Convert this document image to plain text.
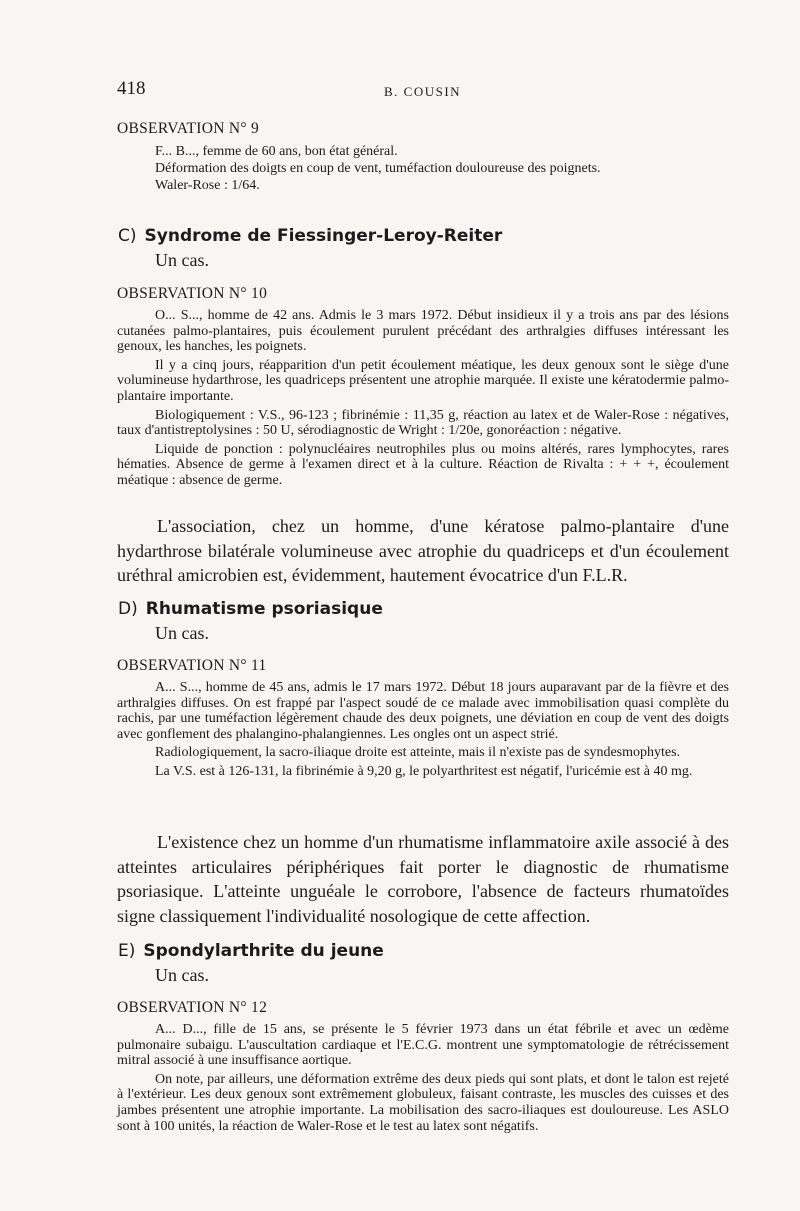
418	B. COUSIN
OBSERVATION N° 9
F... B..., femme de 60 ans, bon état général.
Déformation des doigts en coup de vent, tuméfaction douloureuse des poignets.
Waler-Rose : 1/64.
C) Syndrome de Fiessinger-Leroy-Reiter
Un cas.
OBSERVATION N° 10

O... S..., homme de 42 ans. Admis le 3 mars 1972. Début insidieux il y a trois ans par des lésions cutanées palmo-plantaires, puis écoulement purulent précédant des arthralgies diffuses intéressant les genoux, les hanches, les poignets.

Il y a cinq jours, réapparition d'un petit écoulement méatique, les deux genoux sont le siège d'une volumineuse hydarthrose, les quadriceps présentent une atrophie marquée. Il existe une kératodermie palmo-plantaire importante.

Biologiquement : V.S., 96-123 ; fibrinémie : 11,35 g, réaction au latex et de Waler-Rose : négatives, taux d'antistreptolysines : 50 U, sérodiagnostic de Wright : 1/20e, gonoréaction : négative.

Liquide de ponction : polynucléaires neutrophiles plus ou moins altérés, rares lymphocytes, rares hématies. Absence de germe à l'examen direct et à la culture. Réaction de Rivalta : + + +, écoulement méatique : absence de germe.

L'association, chez un homme, d'une kératose palmo-plantaire d'une hydarthrose bilatérale volumineuse avec atrophie du quadriceps et d'un écoulement uréthral amicrobien est, évidemment, hautement évocatrice d'un F.L.R.

D) Rhumatisme psoriasique
Un cas.
OBSERVATION N° 11

A... S..., homme de 45 ans, admis le 17 mars 1972. Début 18 jours auparavant par de la fièvre et des arthralgies diffuses. On est frappé par l'aspect soudé de ce malade avec immobilisation quasi complète du rachis, par une tuméfaction légèrement chaude des deux poignets, une déviation en coup de vent des doigts avec gonflement des phalangino-phalangiennes. Les ongles ont un aspect strié.

Radiologiquement, la sacro-iliaque droite est atteinte, mais il n'existe pas de syndesmophytes.

La V.S. est à 126-131, la fibrinémie à 9,20 g, le polyarthritest est négatif, l'uricémie est à 40 mg.

L'existence chez un homme d'un rhumatisme inflammatoire axile associé à des atteintes articulaires périphériques fait porter le diagnostic de rhumatisme psoriasique. L'atteinte unguéale le corrobore, l'absence de facteurs rhumatoïdes signe classiquement l'individualité nosologique de cette affection.

E) Spondylarthrite du jeune
Un cas.
OBSERVATION N° 12

A... D..., fille de 15 ans, se présente le 5 février 1973 dans un état fébrile et avec un œdème pulmonaire subaigu. L'auscultation cardiaque et l'E.C.G. montrent une symptomatologie de rétrécissement mitral associé à une insuffisance aortique.

On note, par ailleurs, une déformation extrême des deux pieds qui sont plats, et dont le talon est rejeté à l'extérieur. Les deux genoux sont extrêmement globuleux, faisant contraste, les muscles des cuisses et des jambes présentent une atrophie importante. La mobilisation des sacro-iliaques est douloureuse. Les ASLO sont à 100 unités, la réaction de Waler-Rose et le test au latex sont négatifs.
